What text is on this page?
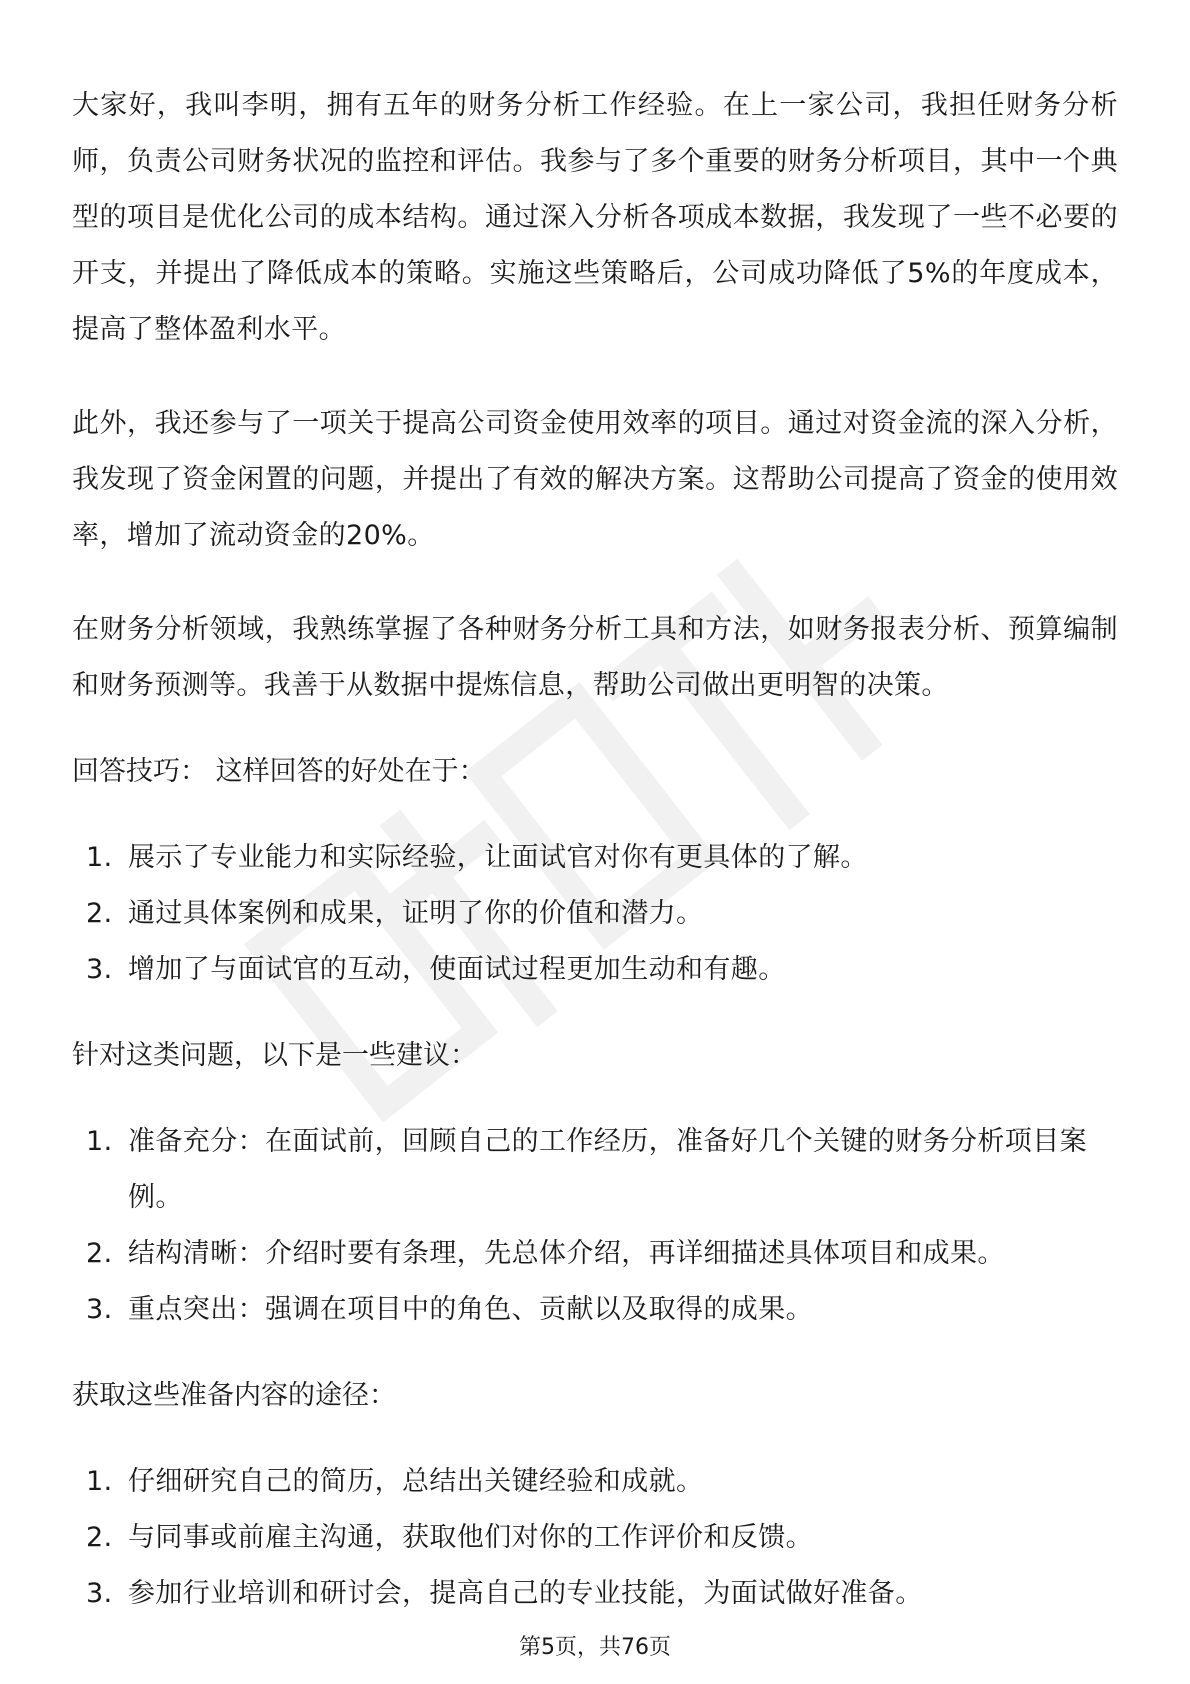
大家好，我叫李明，拥有五年的财务分析工作经验。在上一家公司，我担任财务分析师，负责公司财务状况的监控和评估。我参与了多个重要的财务分析项目，其中一个典型的项目是优化公司的成本结构。通过深入分析各项成本数据，我发现了一些不必要的开支，并提出了降低成本的策略。实施这些策略后，公司成功降低了5%的年度成本，提高了整体盈利水平。

此外，我还参与了一项关于提高公司资金使用效率的项目。通过对资金流的深入分析，我发现了资金闲置的问题，并提出了有效的解决方案。这帮助公司提高了资金的使用效率，增加了流动资金的20%。

在财务分析领域，我熟练掌握了各种财务分析工具和方法，如财务报表分析、预算编制和财务预测等。我善于从数据中提炼信息，帮助公司做出更明智的决策。

回答技巧： 这样回答的好处在于：

1. 展示了专业能力和实际经验，让面试官对你有更具体的了解。
2. 通过具体案例和成果，证明了你的价值和潜力。
3. 增加了与面试官的互动，使面试过程更加生动和有趣。

针对这类问题，以下是一些建议：

1. 准备充分：在面试前，回顾自己的工作经历，准备好几个关键的财务分析项目案例。
2. 结构清晰：介绍时要有条理，先总体介绍，再详细描述具体项目和成果。
3. 重点突出：强调在项目中的角色、贡献以及取得的成果。

获取这些准备内容的途径：

1. 仔细研究自己的简历，总结出关键经验和成就。
2. 与同事或前雇主沟通，获取他们对你的工作评价和反馈。
3. 参加行业培训和研讨会，提高自己的专业技能，为面试做好准备。
第5页，共76页
